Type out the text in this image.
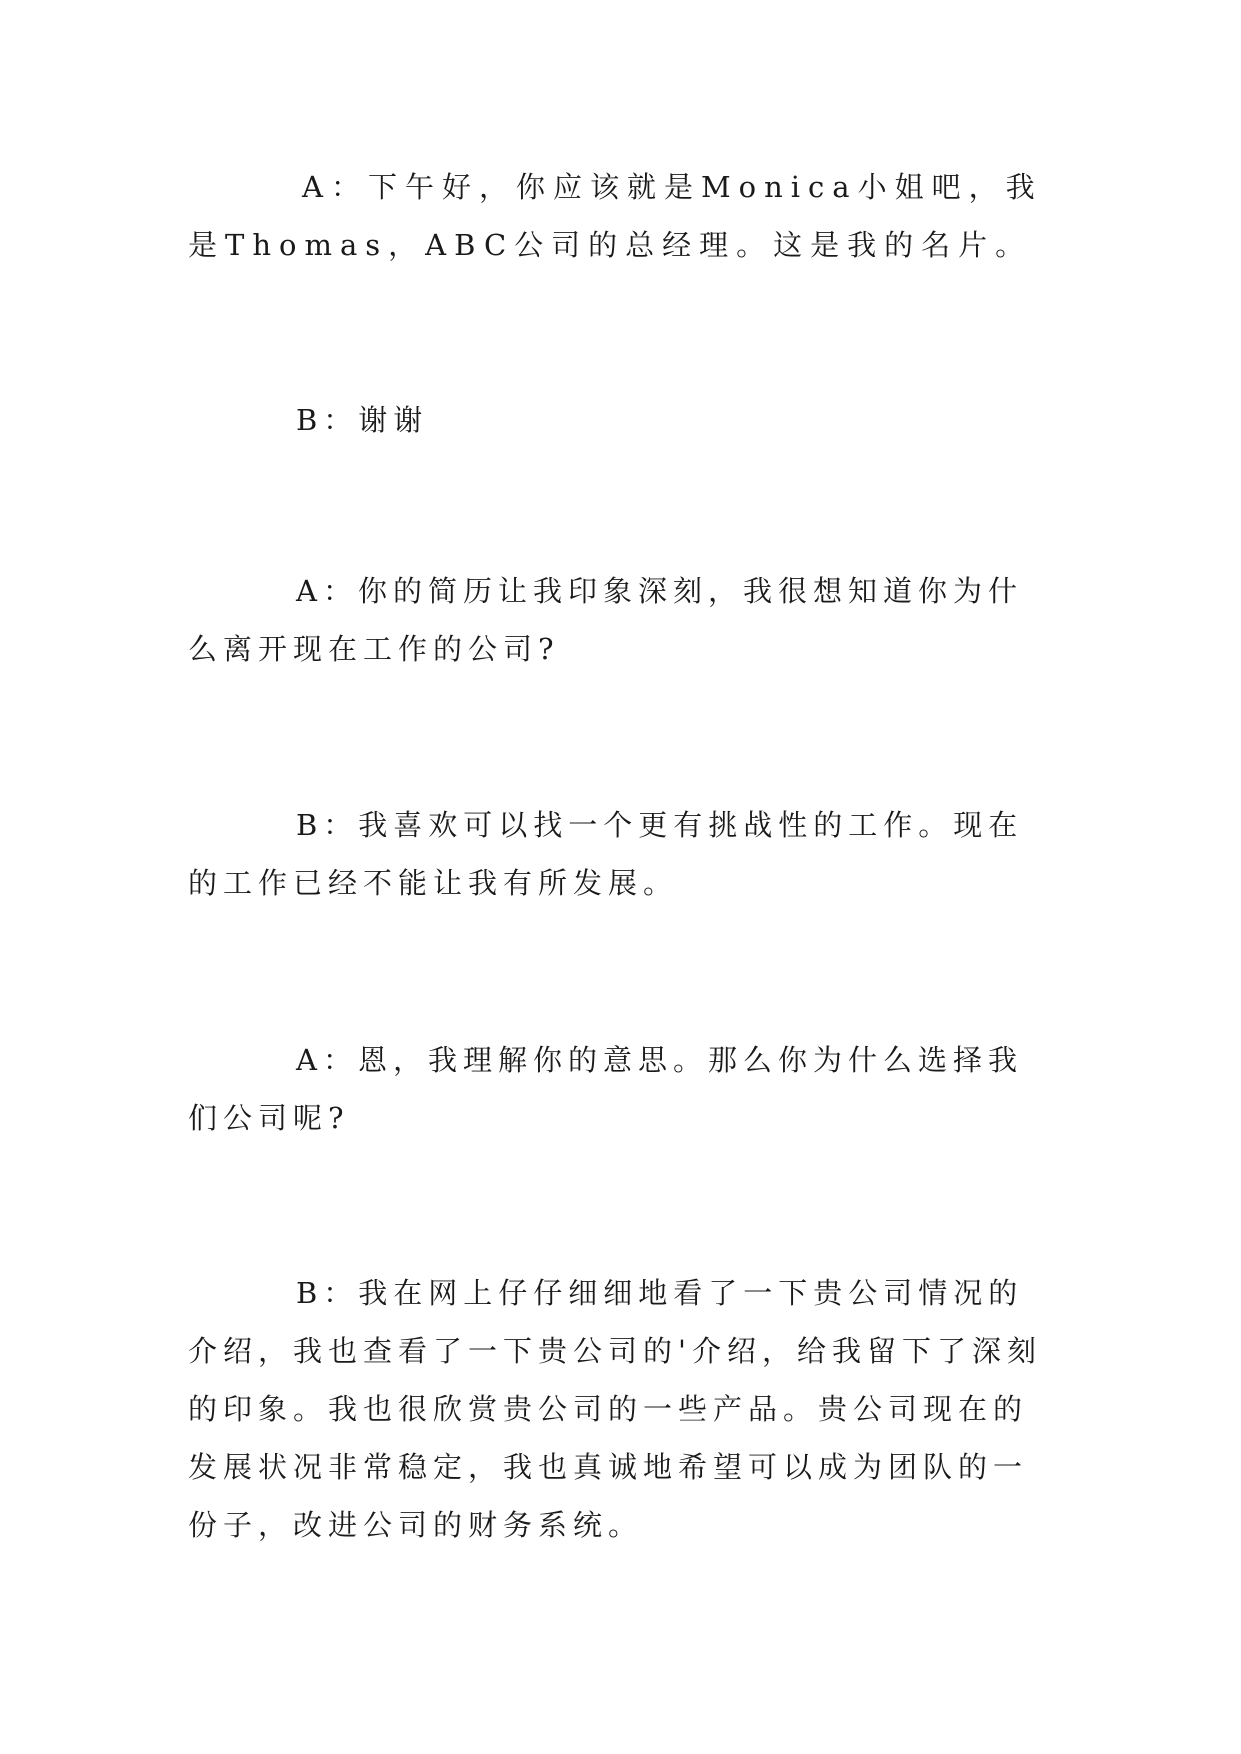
A：下午好，你应该就是Monica小姐吧，我是Thomas，ABC公司的总经理。这是我的名片。

B：谢谢

A：你的简历让我印象深刻，我很想知道你为什么离开现在工作的公司?

B：我喜欢可以找一个更有挑战性的工作。现在的工作已经不能让我有所发展。

A：恩，我理解你的意思。那么你为什么选择我们公司呢?

B：我在网上仔仔细细地看了一下贵公司情况的介绍，我也查看了一下贵公司的'介绍，给我留下了深刻的印象。我也很欣赏贵公司的一些产品。贵公司现在的发展状况非常稳定，我也真诚地希望可以成为团队的一份子，改进公司的财务系统。
